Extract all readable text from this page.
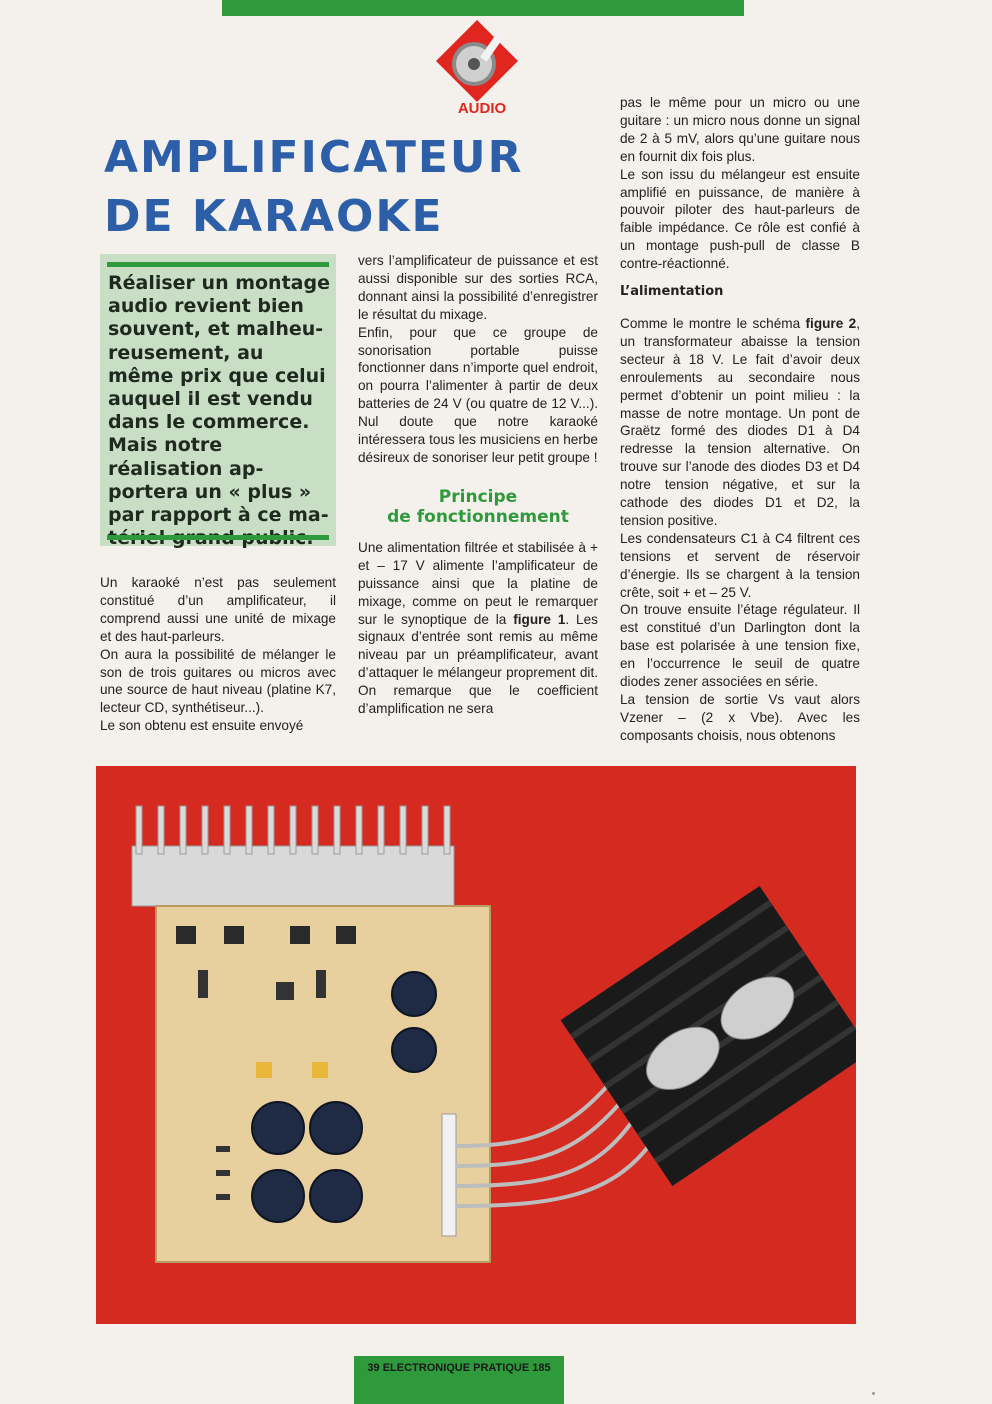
AUDIO
AMPLIFICATEUR
DE KARAOKE
Réaliser un montage audio revient bien souvent, et malheu-reusement, au même prix que celui auquel il est vendu dans le commerce. Mais notre réalisation ap-portera un « plus » par rapport à ce ma-

Un karaoké n’est pas seulement constitué d’un amplificateur, il comprend aussi une unité de mixage et des haut-parleurs.

On aura la possibilité de mélanger le son de trois guitares ou micros avec une source de haut niveau (platine K7, lecteur CD, synthétiseur...).

Le son obtenu est ensuite envoyé

vers l’amplificateur de puissance et est aussi disponible sur des sorties RCA, donnant ainsi la possibilité d’enregistrer le résultat du mixage.

Enfin, pour que ce groupe de sonorisation portable puisse fonctionner dans n’importe quel endroit, on pourra l’alimenter à partir de deux batteries de 24 V (ou quatre de 12 V...). Nul doute que notre karaoké intéressera tous les musiciens en herbe désireux de sonoriser leur petit groupe !

Principe
de fonctionnement

Une alimentation filtrée et stabilisée à + et – 17 V alimente l’amplificateur de puissance ainsi que la platine de mixage, comme on peut le remarquer sur le synoptique de la figure 1. Les signaux d’entrée sont remis au même niveau par un préamplificateur, avant d’attaquer le mélangeur proprement dit. On remarque que le coefficient d’amplification ne sera

pas le même pour un micro ou une guitare : un micro nous donne un signal de 2 à 5 mV, alors qu’une guitare nous en fournit dix fois plus.

Le son issu du mélangeur est ensuite amplifié en puissance, de manière à pouvoir piloter des haut-parleurs de faible impédance. Ce rôle est confié à un montage push-pull de classe B contre-réactionné.

L’alimentation

Comme le montre le schéma figure 2, un transformateur abaisse la tension secteur à 18 V. Le fait d’avoir deux enroulements au secondaire nous permet d’obtenir un point milieu : la masse de notre montage. Un pont de Graëtz formé des diodes D1 à D4 redresse la tension alternative. On trouve sur l’anode des diodes D3 et D4 notre tension négative, et sur la cathode des diodes D1 et D2, la tension positive.

Les condensateurs C1 à C4 filtrent ces tensions et servent de réservoir d’énergie. Ils se chargent à la tension crête, soit + et – 25 V.

On trouve ensuite l’étage régulateur. Il est constitué d’un Darlington dont la base est polarisée à une tension fixe, en l’occurrence le seuil de quatre diodes zener associées en série.

La tension de sortie Vs vaut alors Vzener – (2 x Vbe). Avec les composants choisis, nous obtenons

39 ELECTRONIQUE PRATIQUE 185
